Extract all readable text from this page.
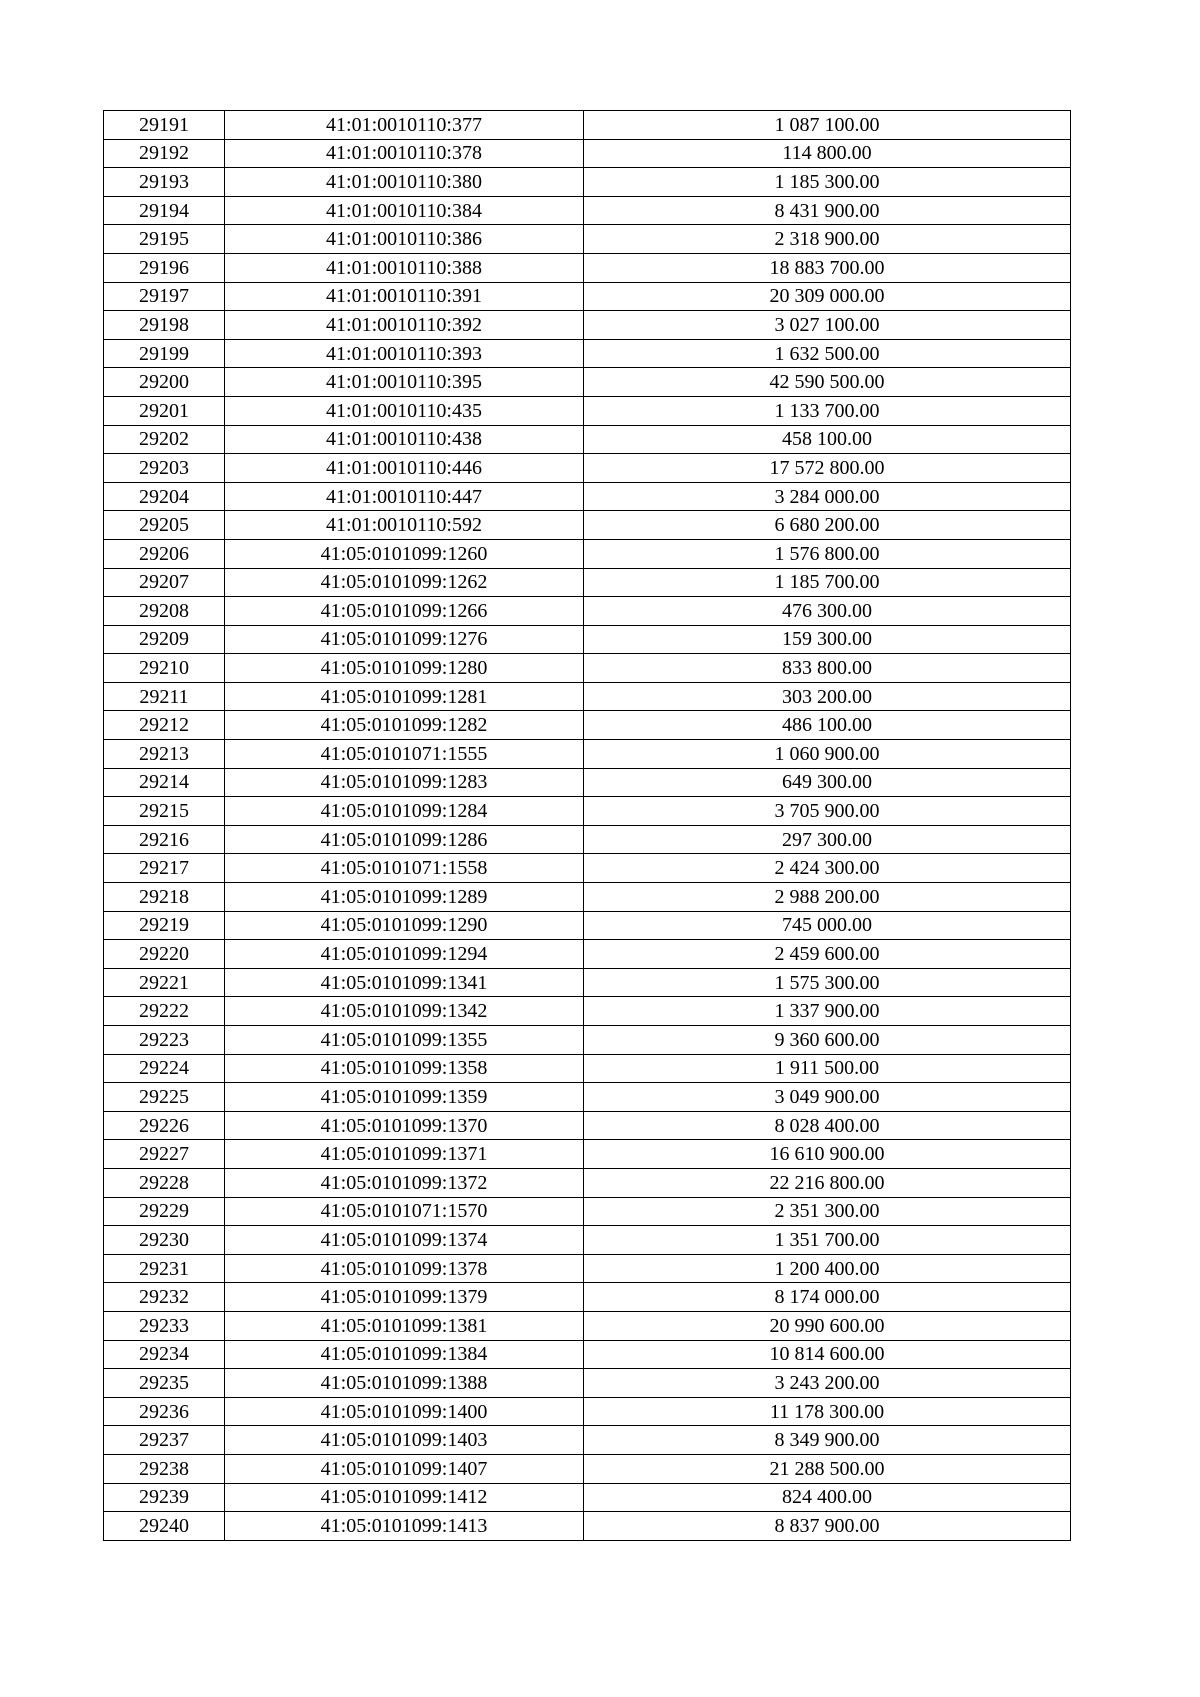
29191	41:01:0010110:377	1 087 100.00
29192	41:01:0010110:378	114 800.00
29193	41:01:0010110:380	1 185 300.00
29194	41:01:0010110:384	8 431 900.00
29195	41:01:0010110:386	2 318 900.00
29196	41:01:0010110:388	18 883 700.00
29197	41:01:0010110:391	20 309 000.00
29198	41:01:0010110:392	3 027 100.00
29199	41:01:0010110:393	1 632 500.00
29200	41:01:0010110:395	42 590 500.00
29201	41:01:0010110:435	1 133 700.00
29202	41:01:0010110:438	458 100.00
29203	41:01:0010110:446	17 572 800.00
29204	41:01:0010110:447	3 284 000.00
29205	41:01:0010110:592	6 680 200.00
29206	41:05:0101099:1260	1 576 800.00
29207	41:05:0101099:1262	1 185 700.00
29208	41:05:0101099:1266	476 300.00
29209	41:05:0101099:1276	159 300.00
29210	41:05:0101099:1280	833 800.00
29211	41:05:0101099:1281	303 200.00
29212	41:05:0101099:1282	486 100.00
29213	41:05:0101071:1555	1 060 900.00
29214	41:05:0101099:1283	649 300.00
29215	41:05:0101099:1284	3 705 900.00
29216	41:05:0101099:1286	297 300.00
29217	41:05:0101071:1558	2 424 300.00
29218	41:05:0101099:1289	2 988 200.00
29219	41:05:0101099:1290	745 000.00
29220	41:05:0101099:1294	2 459 600.00
29221	41:05:0101099:1341	1 575 300.00
29222	41:05:0101099:1342	1 337 900.00
29223	41:05:0101099:1355	9 360 600.00
29224	41:05:0101099:1358	1 911 500.00
29225	41:05:0101099:1359	3 049 900.00
29226	41:05:0101099:1370	8 028 400.00
29227	41:05:0101099:1371	16 610 900.00
29228	41:05:0101099:1372	22 216 800.00
29229	41:05:0101071:1570	2 351 300.00
29230	41:05:0101099:1374	1 351 700.00
29231	41:05:0101099:1378	1 200 400.00
29232	41:05:0101099:1379	8 174 000.00
29233	41:05:0101099:1381	20 990 600.00
29234	41:05:0101099:1384	10 814 600.00
29235	41:05:0101099:1388	3 243 200.00
29236	41:05:0101099:1400	11 178 300.00
29237	41:05:0101099:1403	8 349 900.00
29238	41:05:0101099:1407	21 288 500.00
29239	41:05:0101099:1412	824 400.00
29240	41:05:0101099:1413	8 837 900.00
